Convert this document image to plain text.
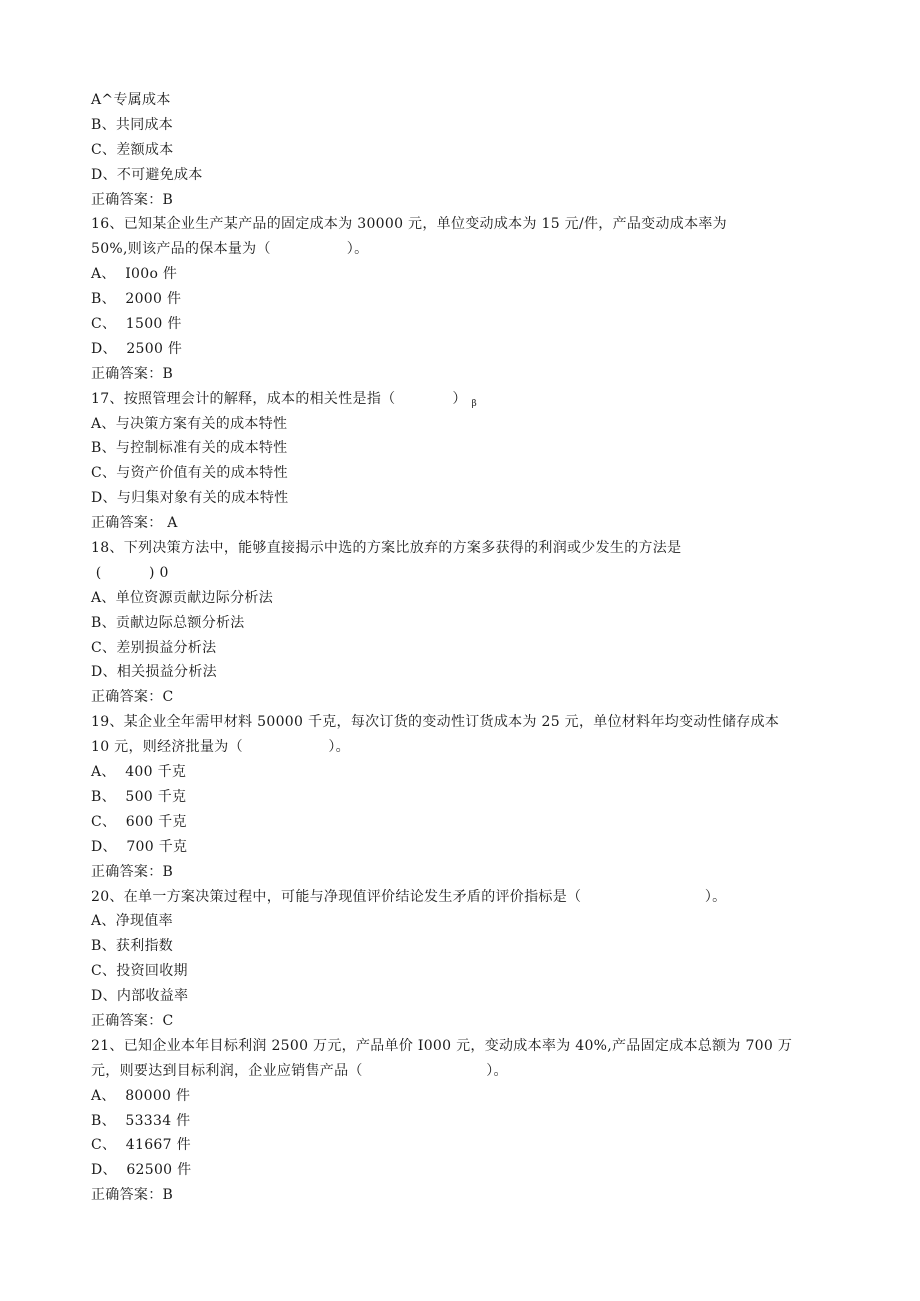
A^专属成本
B、共同成本
C、差额成本
D、不可避免成本
正确答案：B
16、已知某企业生产某产品的固定成本为 30000 元，单位变动成本为 15 元/件，产品变动成本率为
50%,则该产品的保本量为（                ）。
A、  I00o 件
B、  2000 件
C、  1500 件
D、  2500 件
正确答案：B
17、按照管理会计的解释，成本的相关性是指（            ） $_\beta$
A、与决策方案有关的成本特性
B、与控制标准有关的成本特性
C、与资产价值有关的成本特性
D、与归集对象有关的成本特性
正确答案： A
18、下列决策方法中，能够直接揭示中选的方案比放弃的方案多获得的利润或少发生的方法是
(          ) 0
A、单位资源贡献边际分析法
B、贡献边际总额分析法
C、差别损益分析法
D、相关损益分析法
正确答案：C
19、某企业全年需甲材料 50000 千克，每次订货的变动性订货成本为 25 元，单位材料年均变动性储存成本
10 元，则经济批量为（                  ）。
A、  400 千克
B、  500 千克
C、  600 千克
D、  700 千克
正确答案：B
20、在单一方案决策过程中，可能与净现值评价结论发生矛盾的评价指标是（                          ）。
A、净现值率
B、获利指数
C、投资回收期
D、内部收益率
正确答案：C
21、已知企业本年目标利润 2500 万元，产品单价 I000 元，变动成本率为 40%,产品固定成本总额为 700 万
元，则要达到目标利润，企业应销售产品（                          ）。
A、  80000 件
B、  53334 件
C、  41667 件
D、  62500 件
正确答案：B
